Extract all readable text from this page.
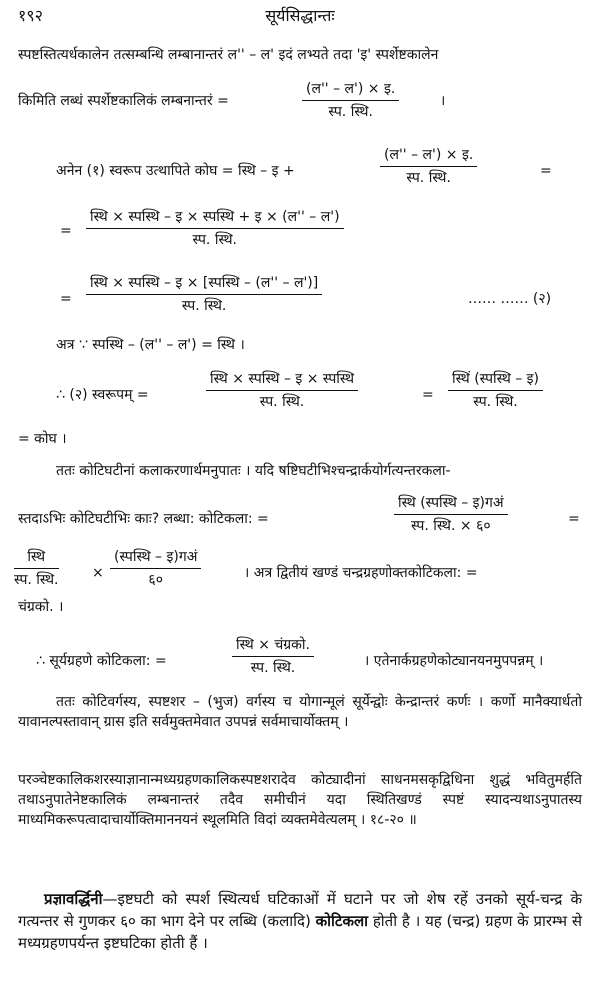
१९२	सूर्यसिद्धान्तः
स्पष्टस्तित्यर्धकालेन तत्सम्बन्धि लम्बानान्तरं ल'' – ल' इदं लभ्यते तदा 'इ' स्पर्शेष्टकालेन
किमिति लब्धं स्पर्शेष्टकालिकं लम्बनान्तरं =
(ल'' – ल') × इ.
स्प. स्थि.
।
अनेन (१) स्वरूप उत्थापिते कोघ = स्थि – इ +
(ल'' – ल') × इ.
स्प. स्थि.	=
=
स्थि × स्पस्थि – इ × स्पस्थि + इ × (ल'' – ल')
स्प. स्थि.
=
स्थि × स्पस्थि – इ × [स्पस्थि – (ल'' – ल')]
स्प. स्थि.	…… …… (२)
अत्र ∵ स्पस्थि – (ल'' – ल') = स्थि ।
∴ (२) स्वरूपम् =
स्थि × स्पस्थि – इ × स्पस्थि
स्प. स्थि.	=
स्थिं (स्पस्थि – इ)
स्प. स्थि.
= कोघ ।
ततः कोटिघटीनां कलाकरणार्थमनुपातः । यदि षष्टिघटीभिश्चन्द्रार्कयोर्गत्यन्तरकला-
स्तदाऽभिः कोटिघटीभिः काः? लब्धा: कोटिकला: =
स्थि (स्पस्थि – इ)गअं
स्प. स्थि. × ६०	=
स्थि
स्प. स्थि. ×
(स्पस्थि – इ)गअं
६०	। अत्र द्वितीयं खण्डं चन्द्रग्रहणोक्तकोटिकला: =
चंग्रको. ।
∴ सूर्यग्रहणे कोटिकला: =
स्थि × चंग्रको.
स्प. स्थि.	। एतेनार्कग्रहणेकोट्यानयनमुपपन्नम् ।
ततः कोटिवर्गस्य, स्पष्टशर – (भुज) वर्गस्य च योगान्मूलं सूर्येन्द्वोः केन्द्रान्तरं कर्णः । कर्णो मानैक्यार्धतो यावानल्पस्तावान् ग्रास इति सर्वमुक्तमेवात उपपन्नं सर्वमाचार्योक्तम् ।
परञ्चेष्टकालिकशरस्याज्ञानान्मध्यग्रहणकालिकस्पष्टशरादेव कोट्यादीनां साधनमसकृद्विधिना शुद्धं भवितुमर्हति तथाऽनुपातेनेष्टकालिकं लम्बनान्तरं तदैव समीचीनं यदा स्थितिखण्डं स्पष्टं स्यादन्यथाऽनुपातस्य माध्यमिकरूपत्वादाचार्योक्तिमाननयनं स्थूलमिति विदां व्यक्तमेवेत्यलम् । १८-२० ॥
प्रज्ञावर्द्धिनी—इष्टघटी को स्पर्श स्थित्यर्ध घटिकाओं में घटाने पर जो शेष रहें उनको सूर्य-चन्द्र के गत्यन्तर से गुणकर ६० का भाग देने पर लब्धि (कलादि) कोटिकला होती है । यह (चन्द्र) ग्रहण के प्रारम्भ से मध्यग्रहणपर्यन्त इष्टघटिका होती हैं ।
